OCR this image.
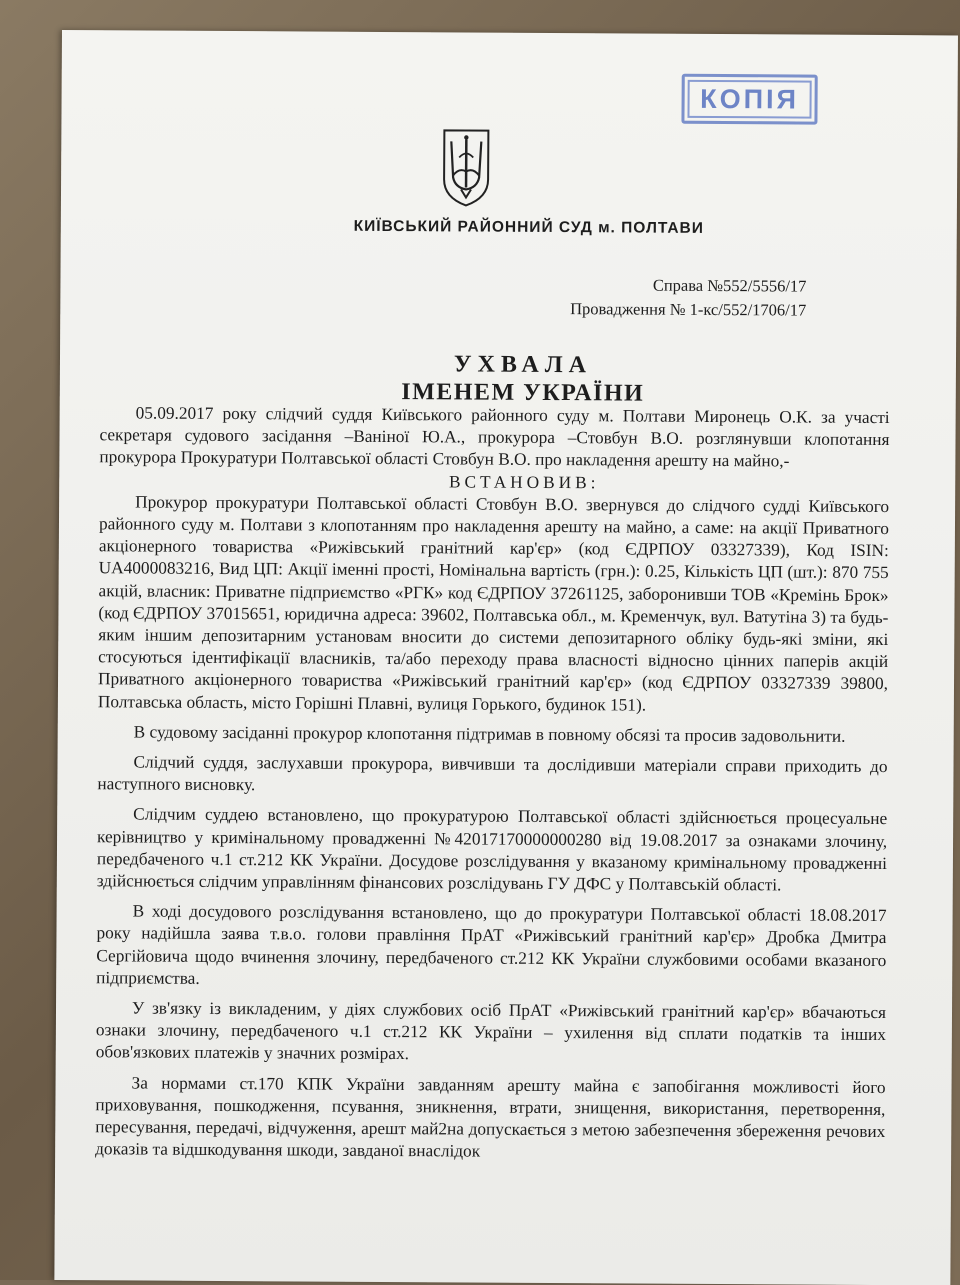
КОПІЯ
КИЇВСЬКИЙ РАЙОННИЙ СУД м. ПОЛТАВИ
Справа №552/5556/17
Провадження № 1-кс/552/1706/17
УХВАЛА
ІМЕНЕМ УКРАЇНИ

05.09.2017 року слідчий суддя Київського районного суду м. Полтави Миронець О.К. за участі секретаря судового засідання –Ваніної Ю.А., прокурора –Стовбун В.О. розглянувши клопотання прокурора Прокуратури Полтавської області Стовбун В.О. про накладення арешту на майно,-

ВСТАНОВИВ:

Прокурор прокуратури Полтавської області Стовбун В.О. звернувся до слідчого судді Київського районного суду м. Полтави з клопотанням про накладення арешту на майно, а саме: на акції Приватного акціонерного товариства «Рижівський гранітний кар'єр» (код ЄДРПОУ 03327339), Код ISIN: UA4000083216, Вид ЦП: Акції іменні прості, Номінальна вартість (грн.): 0.25, Кількість ЦП (шт.): 870 755 акцій, власник: Приватне підприємство «РГК» код ЄДРПОУ 37261125, заборонивши ТОВ «Кремінь Брок» (код ЄДРПОУ 37015651, юридична адреса: 39602, Полтавська обл., м. Кременчук, вул. Ватутіна 3) та будь-яким іншим депозитарним установам вносити до системи депозитарного обліку будь-які зміни, які стосуються ідентифікації власників, та/або переходу права власності відносно цінних паперів акцій Приватного акціонерного товариства «Рижівський гранітний кар'єр» (код ЄДРПОУ 03327339 39800, Полтавська область, місто Горішні Плавні, вулиця Горького, будинок 151).

В судовому засіданні прокурор клопотання підтримав в повному обсязі та просив задовольнити.

Слідчий суддя, заслухавши прокурора, вивчивши та дослідивши матеріали справи приходить до наступного висновку.

Слідчим суддею встановлено, що прокуратурою Полтавської області здійснюється процесуальне керівництво у кримінальному провадженні №42017170000000280 від 19.08.2017 за ознаками злочину, передбаченого ч.1 ст.212 КК України. Досудове розслідування у вказаному кримінальному провадженні здійснюється слідчим управлінням фінансових розслідувань ГУ ДФС у Полтавській області.

В ході досудового розслідування встановлено, що до прокуратури Полтавської області 18.08.2017 року надійшла заява т.в.о. голови правління ПрАТ «Рижівський гранітний кар'єр» Дробка Дмитра Сергійовича щодо вчинення злочину, передбаченого ст.212 КК України службовими особами вказаного підприємства.

У зв'язку із викладеним, у діях службових осіб ПрАТ «Рижівський гранітний кар'єр» вбачаються ознаки злочину, передбаченого ч.1 ст.212 КК України – ухилення від сплати податків та інших обов'язкових платежів у значних розмірах.

За нормами ст.170 КПК України завданням арешту майна є запобігання можливості його приховування, пошкодження, псування, зникнення, втрати, знищення, використання, перетворення, пересування, передачі, відчуження, арешт май2на допускається з метою забезпечення збереження речових доказів та відшкодування шкоди, завданої внаслідок
